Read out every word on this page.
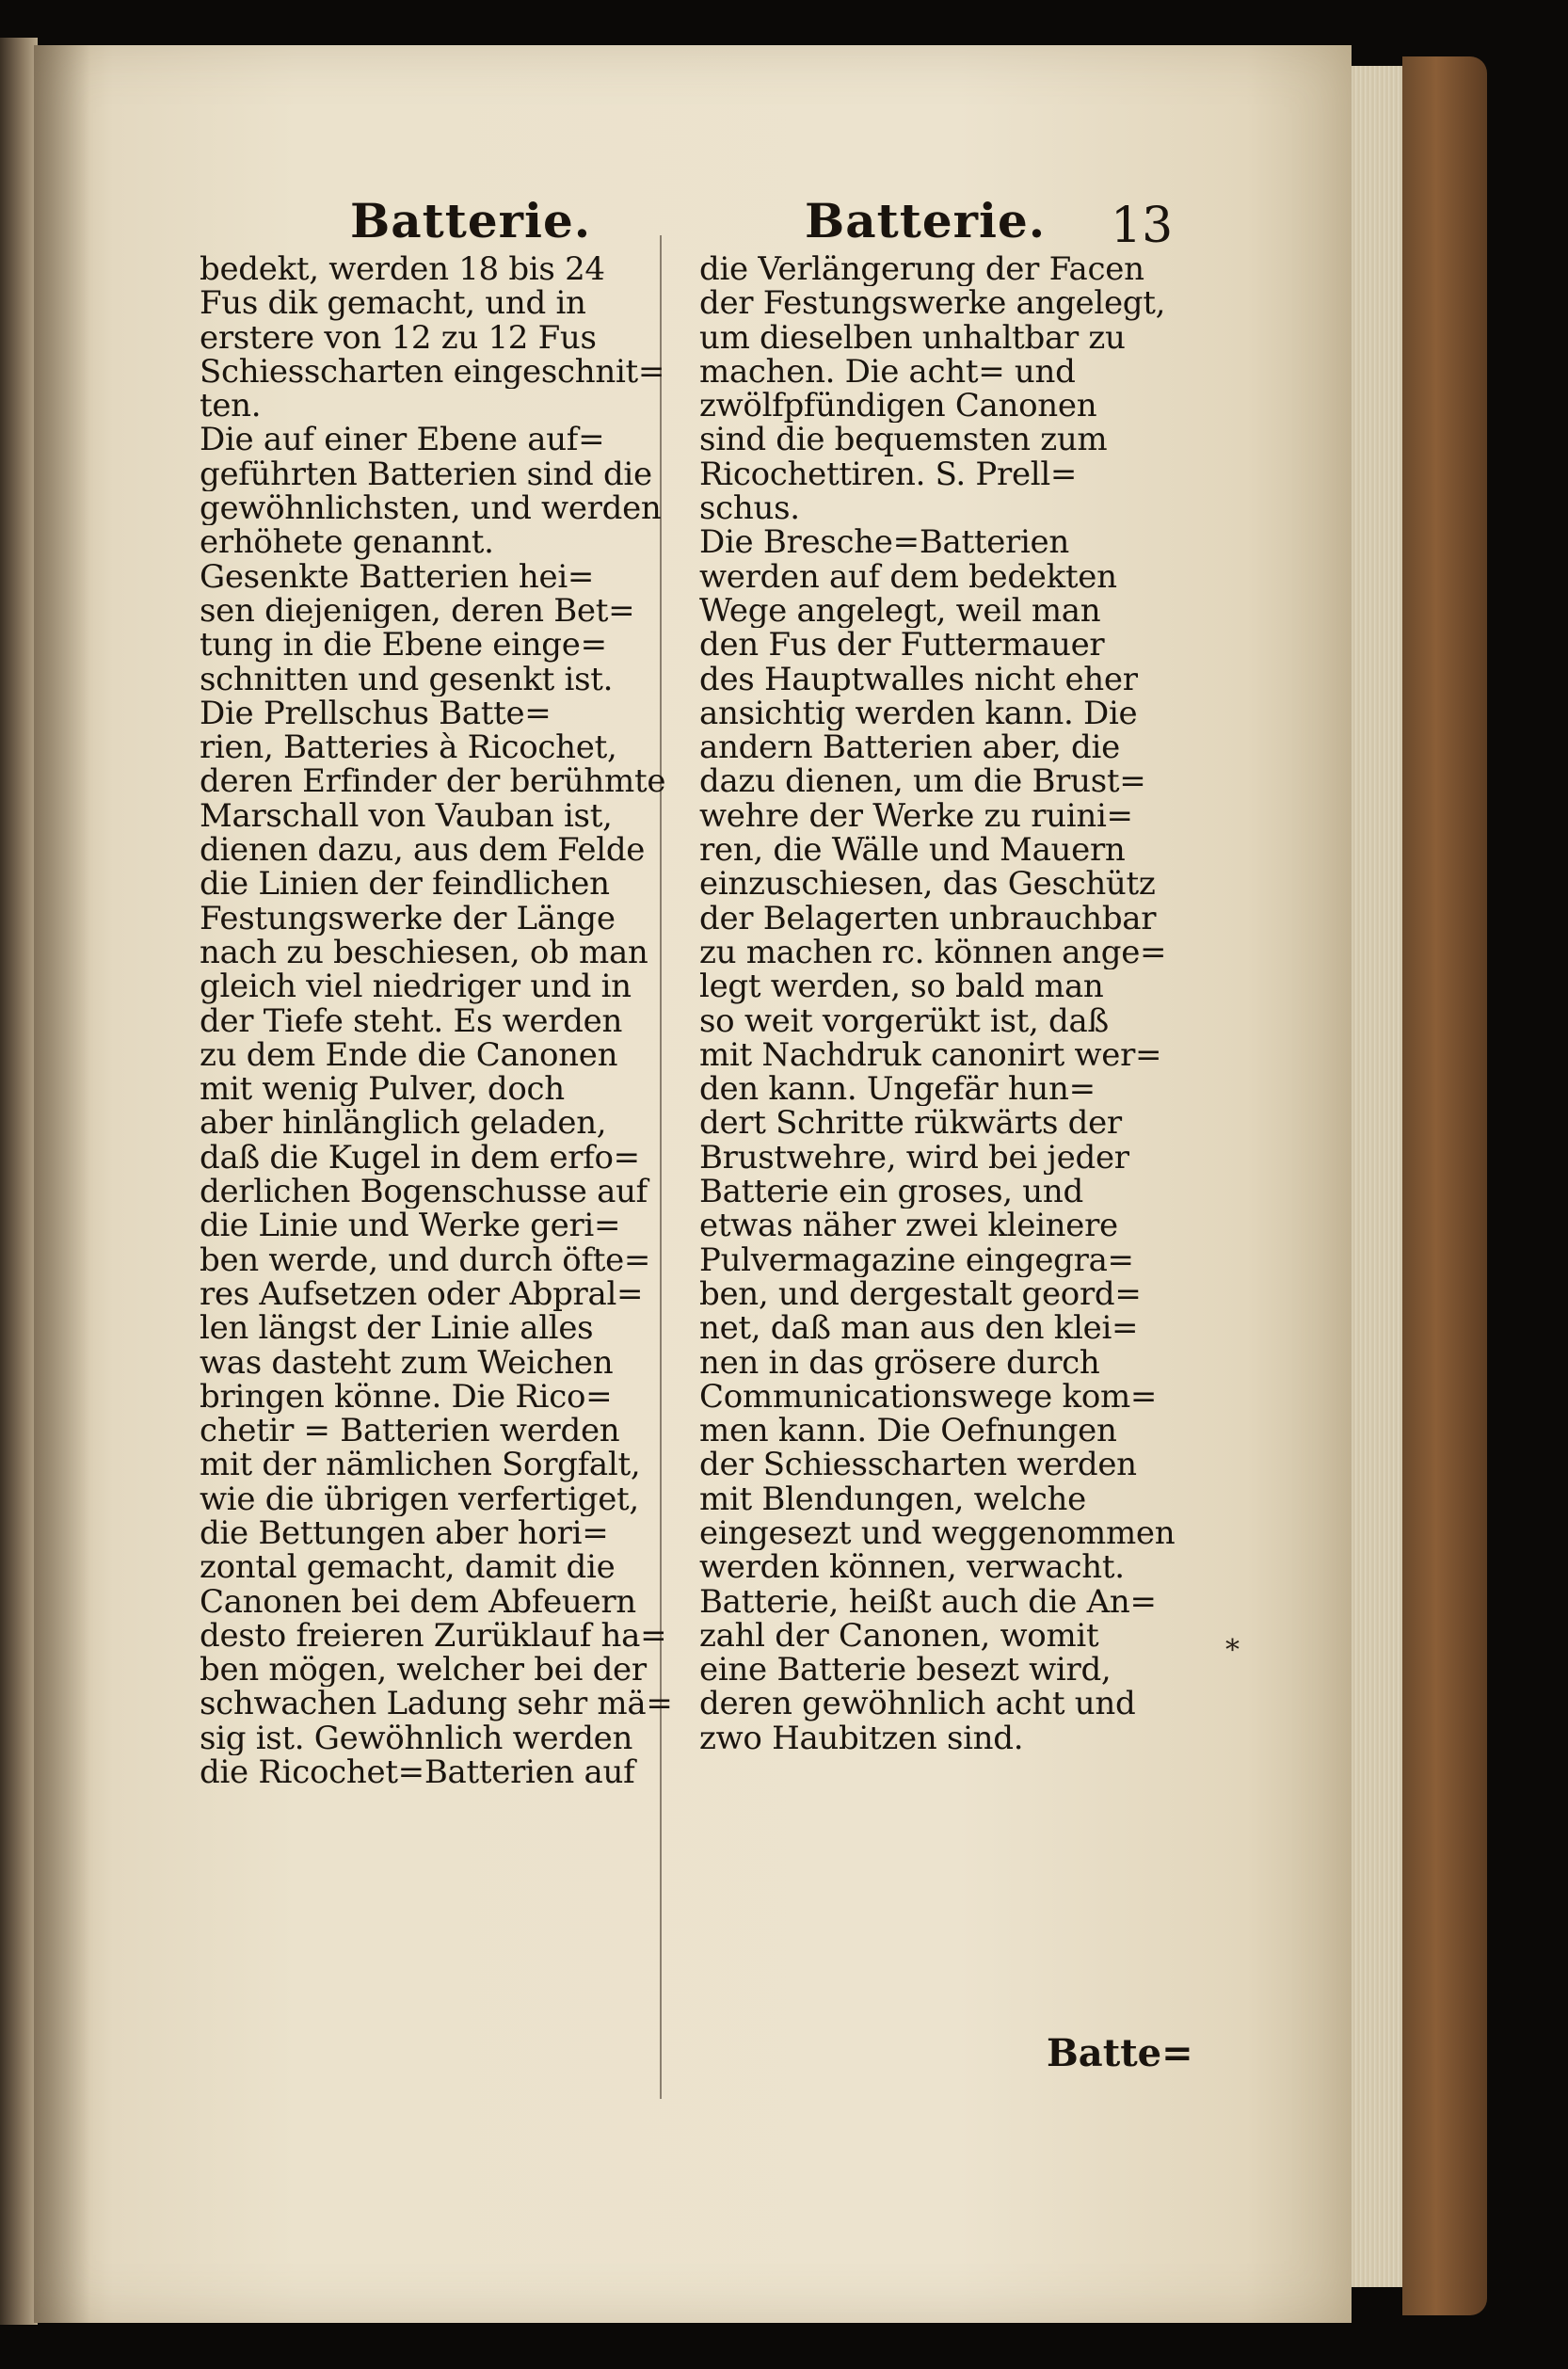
Batterie.	Batterie. 13
bedekt, werden 18 bis 24
Fus dik gemacht, und in
erstere von 12 zu 12 Fus
Schiesscharten eingeschnit=
ten.
Die auf einer Ebene auf=
geführten Batterien sind die
gewöhnlichsten, und werden
erhöhete genannt.
Gesenkte Batterien hei=
sen diejenigen, deren Bet=
tung in die Ebene einge=
schnitten und gesenkt ist.
Die Prellschus Batte=
rien, Batteries à Ricochet,
deren Erfinder der berühmte
Marschall von Vauban ist,
dienen dazu, aus dem Felde
die Linien der feindlichen
Festungswerke der Länge
nach zu beschiesen, ob man
gleich viel niedriger und in
der Tiefe steht. Es werden
zu dem Ende die Canonen
mit wenig Pulver, doch
aber hinlänglich geladen,
daß die Kugel in dem erfo=
derlichen Bogenschusse auf
die Linie und Werke geri=
ben werde, und durch öfte=
res Aufsetzen oder Abpral=
len längst der Linie alles
was dasteht zum Weichen
bringen könne. Die Rico=
chetir = Batterien werden
mit der nämlichen Sorgfalt,
wie die übrigen verfertiget,
die Bettungen aber hori=
zontal gemacht, damit die
Canonen bei dem Abfeuern
desto freieren Zurüklauf ha=
ben mögen, welcher bei der
schwachen Ladung sehr mä=
sig ist. Gewöhnlich werden
die Ricochet=Batterien auf
die Verlängerung der Facen
der Festungswerke angelegt,
um dieselben unhaltbar zu
machen. Die acht= und
zwölfpfündigen Canonen
sind die bequemsten zum
Ricochettiren. S. Prell=
schus.
Die Bresche=Batterien
werden auf dem bedekten
Wege angelegt, weil man
den Fus der Futtermauer
des Hauptwalles nicht eher
ansichtig werden kann. Die
andern Batterien aber, die
dazu dienen, um die Brust=
wehre der Werke zu ruini=
ren, die Wälle und Mauern
einzuschiesen, das Geschütz
der Belagerten unbrauchbar
zu machen rc. können ange=
legt werden, so bald man
so weit vorgerükt ist, daß
mit Nachdruk canonirt wer=
den kann. Ungefär hun=
dert Schritte rükwärts der
Brustwehre, wird bei jeder
Batterie ein groses, und
etwas näher zwei kleinere
Pulvermagazine eingegra=
ben, und dergestalt geord=
net, daß man aus den klei=
nen in das grösere durch
Communicationswege kom=
men kann. Die Oefnungen
der Schiesscharten werden
mit Blendungen, welche
eingesezt und weggenommen
werden können, verwacht.
Batterie, heißt auch die An=
zahl der Canonen, womit
eine Batterie besezt wird,
deren gewöhnlich acht und
zwo Haubitzen sind.
*
Batte=
